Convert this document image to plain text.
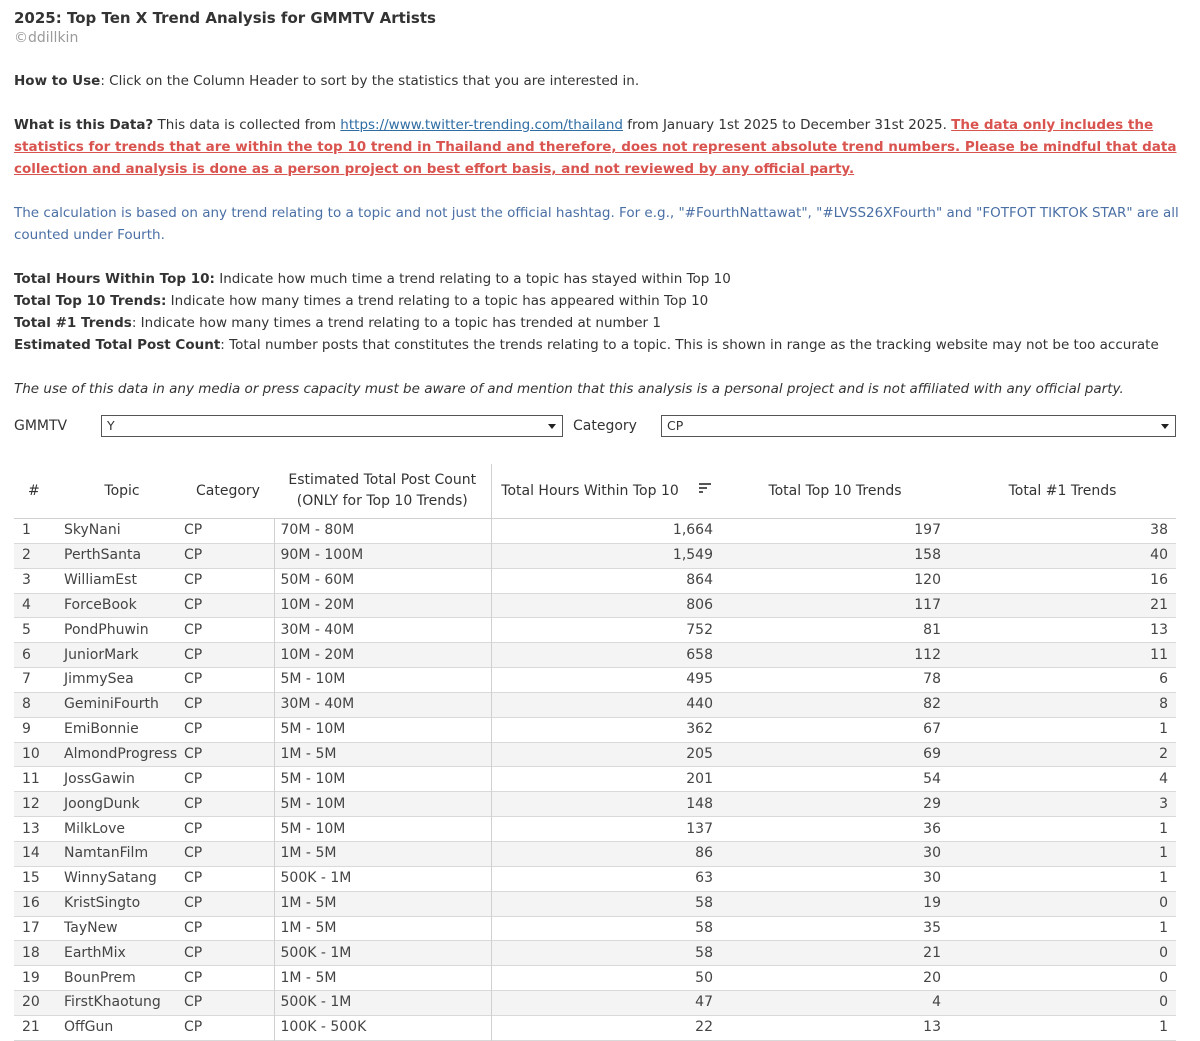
2025: Top Ten X Trend Analysis for GMMTV Artists
©ddillkin

How to Use: Click on the Column Header to sort by the statistics that you are interested in.

What is this Data? This data is collected from https://www.twitter-trending.com/thailand from January 1st 2025 to December 31st 2025. The data only includes the statistics for trends that are within the top 10 trend in Thailand and therefore, does not represent absolute trend numbers. Please be mindful that data collection and analysis is done as a person project on best effort basis, and not reviewed by any official party.

The calculation is based on any trend relating to a topic and not just the official hashtag. For e.g., "#FourthNattawat", "#LVSS26XFourth" and "FOTFOT TIKTOK STAR" are all counted under Fourth.

Total Hours Within Top 10: Indicate how much time a trend relating to a topic has stayed within Top 10

Total Top 10 Trends: Indicate how many times a trend relating to a topic has appeared within Top 10

Total #1 Trends: Indicate how many times a trend relating to a topic has trended at number 1

Estimated Total Post Count: Total number posts that constitutes the trends relating to a topic. This is shown in range as the tracking website may not be too accurate

The use of this data in any media or press capacity must be aware of and mention that this analysis is a personal project and is not affiliated with any official party.

GMMTV	Y	Category	CP
#	Topic	Category	Estimated Total Post Count
(ONLY for Top 10 Trends)	Total Hours Within Top 10	Total Top 10 Trends	Total #1 Trends
1	SkyNani	CP	70M - 80M	1,664	197	38
2	PerthSanta	CP	90M - 100M	1,549	158	40
3	WilliamEst	CP	50M - 60M	864	120	16
4	ForceBook	CP	10M - 20M	806	117	21
5	PondPhuwin	CP	30M - 40M	752	81	13
6	JuniorMark	CP	10M - 20M	658	112	11
7	JimmySea	CP	5M - 10M	495	78	6
8	GeminiFourth	CP	30M - 40M	440	82	8
9	EmiBonnie	CP	5M - 10M	362	67	1
10	AlmondProgress	CP	1M - 5M	205	69	2
11	JossGawin	CP	5M - 10M	201	54	4
12	JoongDunk	CP	5M - 10M	148	29	3
13	MilkLove	CP	5M - 10M	137	36	1
14	NamtanFilm	CP	1M - 5M	86	30	1
15	WinnySatang	CP	500K - 1M	63	30	1
16	KristSingto	CP	1M - 5M	58	19	0
17	TayNew	CP	1M - 5M	58	35	1
18	EarthMix	CP	500K - 1M	58	21	0
19	BounPrem	CP	1M - 5M	50	20	0
20	FirstKhaotung	CP	500K - 1M	47	4	0
21	OffGun	CP	100K - 500K	22	13	1
